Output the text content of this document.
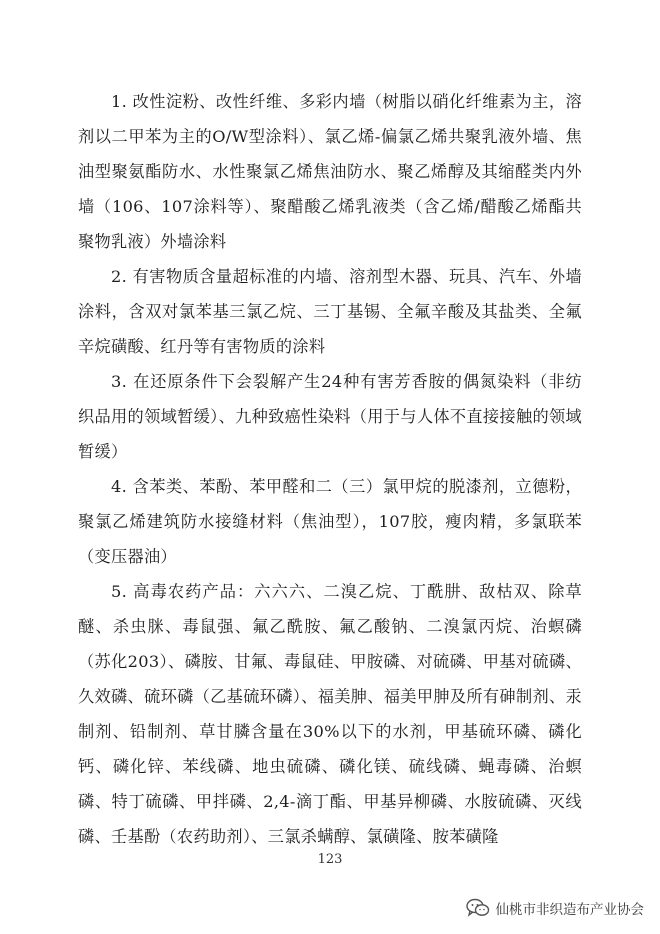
1. 改性淀粉、改性纤维、多彩内墙（树脂以硝化纤维素为主，溶剂以二甲苯为主的O/W型涂料）、氯乙烯-偏氯乙烯共聚乳液外墙、焦油型聚氨酯防水、水性聚氯乙烯焦油防水、聚乙烯醇及其缩醛类内外墙（106、107涂料等）、聚醋酸乙烯乳液类（含乙烯/醋酸乙烯酯共聚物乳液）外墙涂料

2. 有害物质含量超标准的内墙、溶剂型木器、玩具、汽车、外墙涂料，含双对氯苯基三氯乙烷、三丁基锡、全氟辛酸及其盐类、全氟辛烷磺酸、红丹等有害物质的涂料

3. 在还原条件下会裂解产生24种有害芳香胺的偶氮染料（非纺织品用的领域暂缓）、九种致癌性染料（用于与人体不直接接触的领域暂缓）

4. 含苯类、苯酚、苯甲醛和二（三）氯甲烷的脱漆剂，立德粉，聚氯乙烯建筑防水接缝材料（焦油型），107胶，瘦肉精，多氯联苯（变压器油）

5. 高毒农药产品：六六六、二溴乙烷、丁酰肼、敌枯双、除草醚、杀虫脒、毒鼠强、氟乙酰胺、氟乙酸钠、二溴氯丙烷、治螟磷（苏化203）、磷胺、甘氟、毒鼠硅、甲胺磷、对硫磷、甲基对硫磷、久效磷、硫环磷（乙基硫环磷）、福美胂、福美甲胂及所有砷制剂、汞制剂、铅制剂、草甘膦含量在30%以下的水剂，甲基硫环磷、磷化钙、磷化锌、苯线磷、地虫硫磷、磷化镁、硫线磷、蝇毒磷、治螟磷、特丁硫磷、甲拌磷、2,4-滴丁酯、甲基异柳磷、水胺硫磷、灭线磷、壬基酚（农药助剂）、三氯杀螨醇、氯磺隆、胺苯磺隆

123
仙桃市非织造布产业协会
